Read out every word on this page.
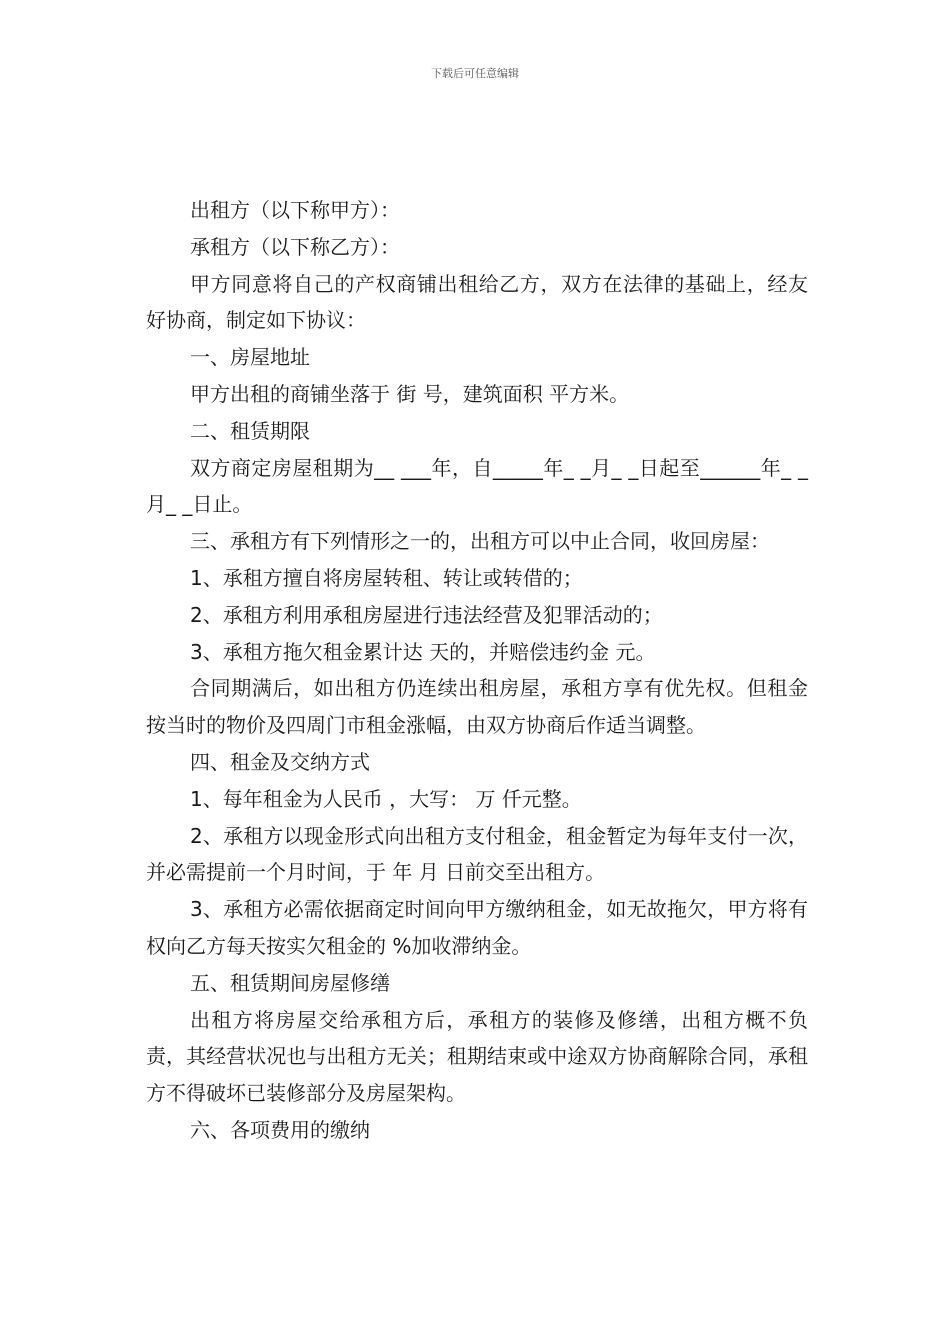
下载后可任意编辑

出租方（以下称甲方）：

承租方（以下称乙方）：

甲方同意将自己的产权商铺出租给乙方，双方在法律的基础上，经友好协商，制定如下协议：

一、房屋地址

甲方出租的商铺坐落于 街 号，建筑面积 平方米。

二、租赁期限

双方商定房屋租期为__ ___年，自_____年_ _月_ _日起至______年_ _月_ _日止。

三、承租方有下列情形之一的，出租方可以中止合同，收回房屋：

1、承租方擅自将房屋转租、转让或转借的；

2、承租方利用承租房屋进行违法经营及犯罪活动的；

3、承租方拖欠租金累计达 天的，并赔偿违约金 元。

合同期满后，如出租方仍连续出租房屋，承租方享有优先权。但租金按当时的物价及四周门市租金涨幅，由双方协商后作适当调整。

四、租金及交纳方式

1、每年租金为人民币 ，大写： 万 仟元整。

2、承租方以现金形式向出租方支付租金，租金暂定为每年支付一次，并必需提前一个月时间，于 年 月 日前交至出租方。

3、承租方必需依据商定时间向甲方缴纳租金，如无故拖欠，甲方将有权向乙方每天按实欠租金的 %加收滞纳金。

五、租赁期间房屋修缮

出租方将房屋交给承租方后，承租方的装修及修缮，出租方概不负责，其经营状况也与出租方无关；租期结束或中途双方协商解除合同，承租方不得破坏已装修部分及房屋架构。

六、各项费用的缴纳
